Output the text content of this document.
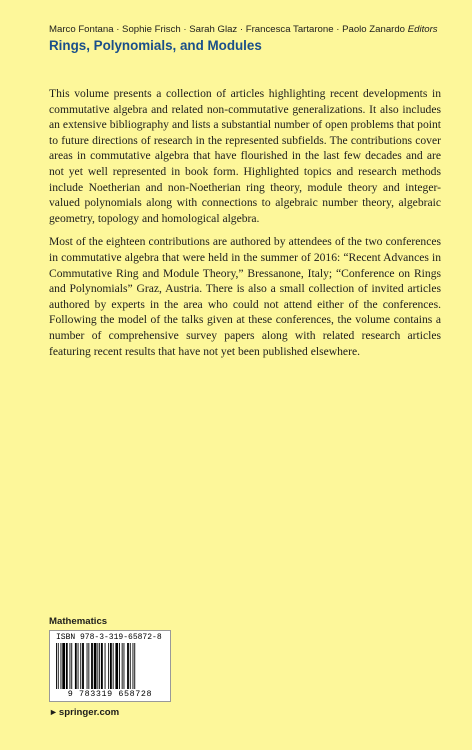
Marco Fontana · Sophie Frisch · Sarah Glaz · Francesca Tartarone · Paolo Zanardo Editors
Rings, Polynomials, and Modules

This volume presents a collection of articles highlighting recent developments in commutative algebra and related non-commutative generalizations. It also includes an extensive bibliography and lists a substantial number of open problems that point to future directions of research in the represented subfields. The contributions cover areas in commutative algebra that have flourished in the last few decades and are not yet well represented in book form. Highlighted topics and research methods include Noetherian and non-Noetherian ring theory, module theory and integer-valued polynomials along with connections to algebraic number theory, algebraic geometry, topology and homological algebra.

Most of the eighteen contributions are authored by attendees of the two conferences in commutative algebra that were held in the summer of 2016: “Recent Advances in Commutative Ring and Module Theory,” Bressanone, Italy; “Conference on Rings and Polynomials” Graz, Austria. There is also a small collection of invited articles authored by experts in the area who could not attend either of the conferences. Following the model of the talks given at these conferences, the volume contains a number of comprehensive survey papers along with related research articles featuring recent results that have not yet been published elsewhere.

Mathematics
ISBN 978-3-319-65872-8
9 783319 658728
►springer.com
